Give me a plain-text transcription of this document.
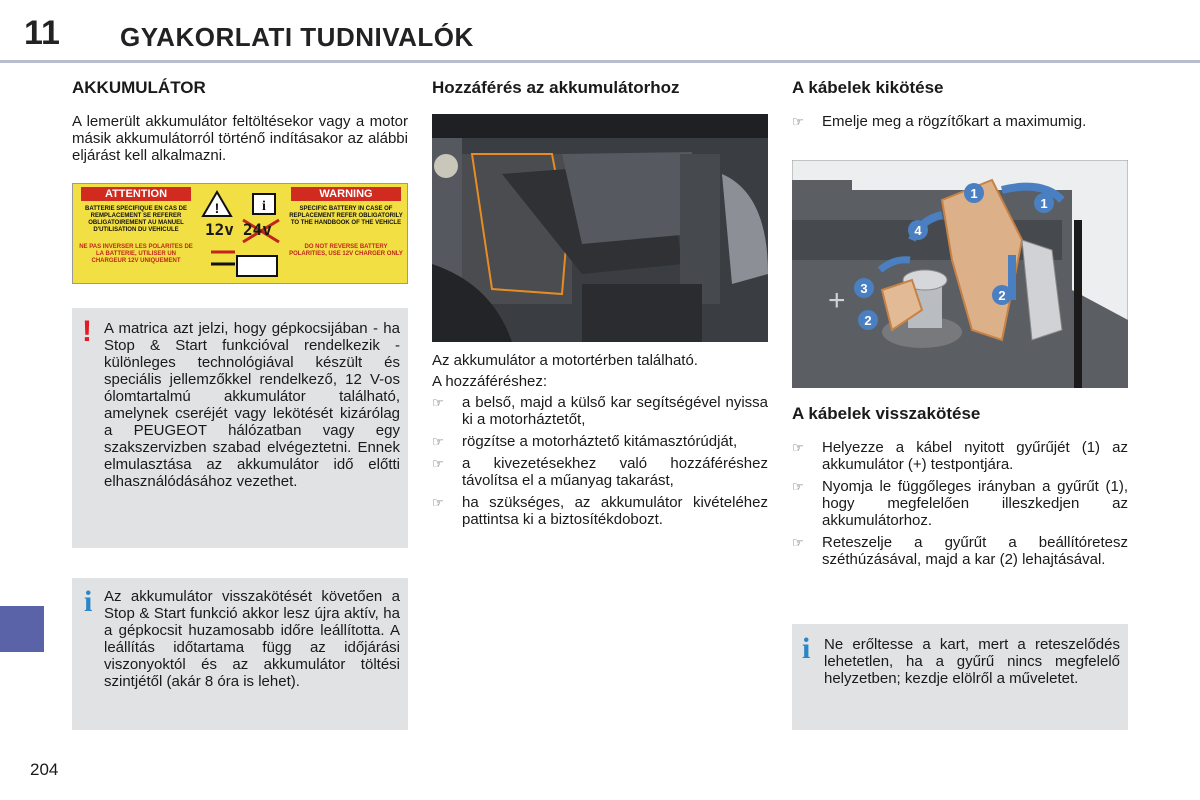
11 GYAKORLATI TUDNIVALÓK
204
AKKUMULÁTOR

A lemerült akkumulátor feltöltésekor vagy a motor másik akkumulátorról történő indításakor az alábbi eljárást kell alkalmazni.

ATTENTION	WARNING
BATTERIE SPECIFIQUE EN CAS DE REMPLACEMENT SE REFERER OBLIGATOIREMENT AU MANUEL D'UTILISATION DU VEHICULE
NE PAS INVERSER LES POLARITES DE LA BATTERIE, UTILISER UN CHARGEUR 12V UNIQUEMENT
SPECIFIC BATTERY IN CASE OF REPLACEMENT REFER OBLIGATORILY TO THE HANDBOOK OF THE VEHICLE
DO NOT REVERSE BATTERY POLARITIES, USE 12V CHARGER ONLY
!	i
12v 24v
! A matrica azt jelzi, hogy gépkocsijában - ha Stop & Start funkcióval rendelkezik - különleges technológiával készült és speciális jellemzőkkel rendelkező, 12 V-os ólomtartalmú akkumulátor található, amelynek cseréjét vagy lekötését kizárólag a PEUGEOT hálózatban vagy egy szakszervizben szabad elvégeztetni. Ennek elmulasztása az akkumulátor idő előtti elhasználódásához vezethet.
i Az akkumulátor visszakötését követően a Stop & Start funkció akkor lesz újra aktív, ha a gépkocsit huzamosabb időre leállította. A leállítás időtartama függ az időjárási viszonyoktól és az akkumulátor töltési szintjétől (akár 8 óra is lehet).
Hozzáférés az akkumulátorhoz

Az akkumulátor a motortérben található.

A hozzáféréshez:

☞ a belső, majd a külső kar segítségével nyissa ki a motorháztetőt,
☞ rögzítse a motorháztető kitámasztórúdját,
☞ a kivezetésekhez való hozzáféréshez távolítsa el a műanyag takarást,
☞ ha szükséges, az akkumulátor kivételéhez pattintsa ki a biztosítékdobozt.
A kábelek kikötése
☞ Emelje meg a rögzítőkart a maximumig.
+
1
1
4
3	2
2
A kábelek visszakötése
☞ Helyezze a kábel nyitott gyűrűjét (1) az akkumulátor (+) testpontjára.
☞ Nyomja le függőleges irányban a gyűrűt (1), hogy megfelelően illeszkedjen az akkumulátorhoz.
☞ Reteszelje a gyűrűt a beállítóretesz széthúzásával, majd a kar (2) lehajtásával.
i Ne erőltesse a kart, mert a reteszelődés lehetetlen, ha a gyűrű nincs megfelelő helyzetben; kezdje elölről a műveletet.
